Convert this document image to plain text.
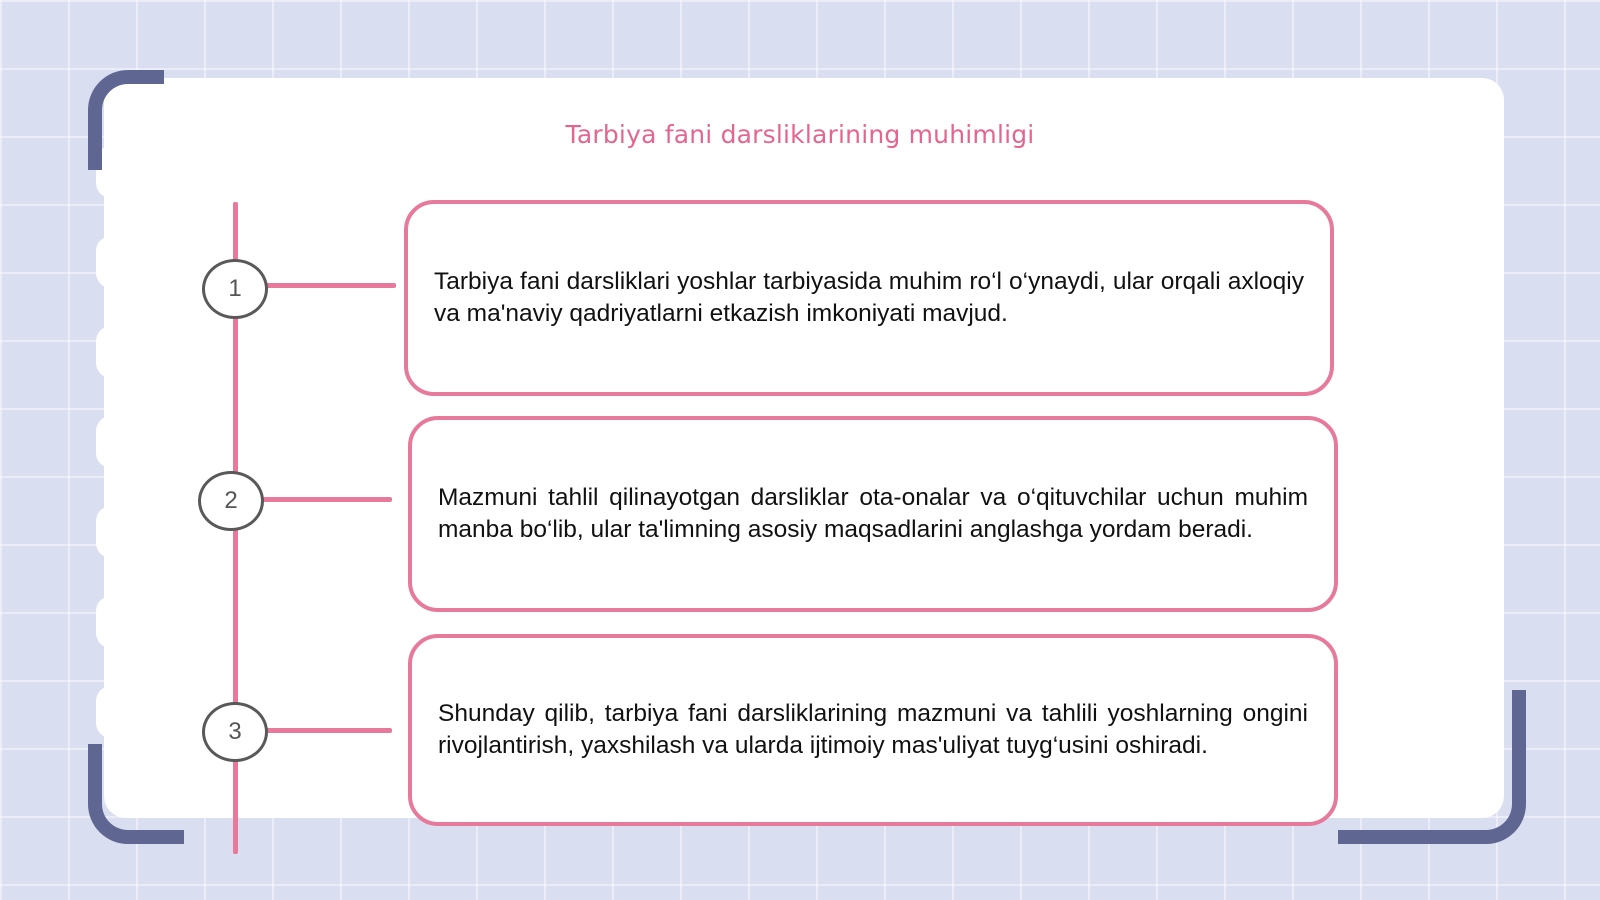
Tarbiya fani darsliklarining muhimligi
1
2
3
Tarbiya fani darsliklari yoshlar tarbiyasida muhim ro‘l o‘ynaydi, ular orqali axloqiy va ma'naviy qadriyatlarni etkazish imkoniyati mavjud.
Mazmuni tahlil qilinayotgan darsliklar ota-onalar va o‘qituvchilar uchun muhim manba bo‘lib, ular ta'limning asosiy maqsadlarini anglashga yordam beradi.
Shunday qilib, tarbiya fani darsliklarining mazmuni va tahlili yoshlarning ongini rivojlantirish, yaxshilash va ularda ijtimoiy mas'uliyat tuyg‘usini oshiradi.
